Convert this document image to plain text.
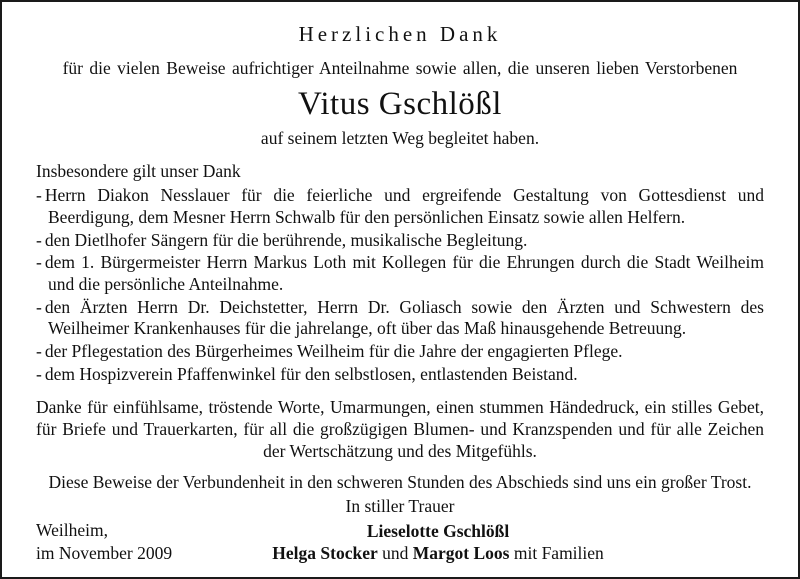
Herzlichen Dank
für die vielen Beweise aufrichtiger Anteilnahme sowie allen, die unseren lieben Verstorbenen
Vitus Gschlößl
auf seinem letzten Weg begleitet haben.
Insbesondere gilt unser Dank
- Herrn Diakon Nesslauer für die feierliche und ergreifende Gestaltung von Gottesdienst und Beerdigung, dem Mesner Herrn Schwalb für den persönlichen Einsatz sowie allen Helfern.
- den Dietlhofer Sängern für die berührende, musikalische Begleitung.
- dem 1. Bürgermeister Herrn Markus Loth mit Kollegen für die Ehrungen durch die Stadt Weilheim und die persönliche Anteilnahme.
- den Ärzten Herrn Dr. Deichstetter, Herrn Dr. Goliasch sowie den Ärzten und Schwestern des Weilheimer Krankenhauses für die jahrelange, oft über das Maß hinausgehende Betreuung.
- der Pflegestation des Bürgerheimes Weilheim für die Jahre der engagierten Pflege.
- dem Hospizverein Pfaffenwinkel für den selbstlosen, entlastenden Beistand.
Danke für einfühlsame, tröstende Worte, Umarmungen, einen stummen Händedruck, ein stilles Gebet, für Briefe und Trauerkarten, für all die großzügigen Blumen- und Kranzspenden und für alle Zeichen der Wertschätzung und des Mitgefühls.
Diese Beweise der Verbundenheit in den schweren Stunden des Abschieds sind uns ein großer Trost.
In stiller Trauer
Weilheim,
im November 2009
Lieselotte Gschlößl
Helga Stocker und Margot Loos mit Familien
